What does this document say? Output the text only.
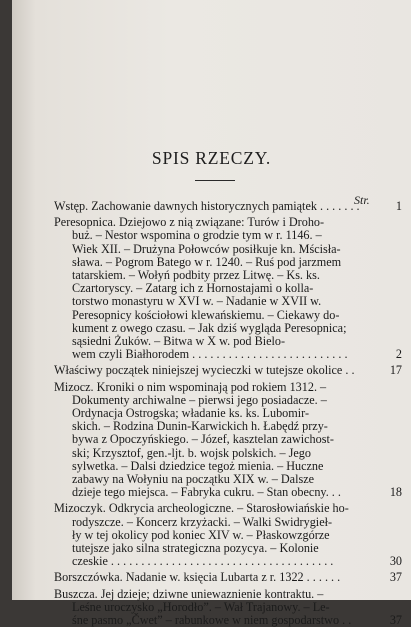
SPIS RZECZY.
Str.
Wstęp. Zachowanie dawnych historycznych pamiątek . . . . . . .	1
Peresopnica. Dziejowo z nią związane: Turów i Droho-
buż. – Nestor wspomina o grodzie tym w r. 1146. –
Wiek XII. – Drużyna Połowców posiłkuje kn. Mścisła-
sława. – Pogrom Batego w r. 1240. – Ruś pod jarzmem
tatarskiem. – Wołyń podbity przez Litwę. – Ks. ks.
Czartoryscy. – Zatarg ich z Hornostajami o kolla-
torstwo monastyru w XVI w. – Nadanie w XVII w.
Peresopnicy kościołowi klewańskiemu. – Ciekawy do-
kument z owego czasu. – Jak dziś wygląda Peresopnica;
sąsiedni Żuków. – Bitwa w X w. pod Bielo-
wem czyli Białhorodem . . . . . . . . . . . . . . . . . . . . . . . . . .	2
Właściwy początek niniejszej wycieczki w tutejsze okolice . .	17
Mizocz. Kroniki o nim wspominają pod rokiem 1312. –
Dokumenty archiwalne – pierwsi jego posiadacze. –
Ordynacja Ostrogska; władanie ks. ks. Lubomir-
skich. – Rodzina Dunin-Karwickich h. Łabędź przy-
bywa z Opoczyńskiego. – Józef, kasztelan zawichost-
ski; Krzysztof, gen.-ljt. b. wojsk polskich. – Jego
sylwetka. – Dalsi dziedzice tegoż mienia. – Huczne
zabawy na Wołyniu na początku XIX w. – Dalsze
dzieje tego miejsca. – Fabryka cukru. – Stan obecny. . .	18
Mizoczyk. Odkrycia archeologiczne. – Starosłowiańskie ho-
rodyszcze. – Koncerz krzyżacki. – Walki Swidrygieł-
ły w tej okolicy pod koniec XIV w. – Płaskowzgórze
tutejsze jako silna strategiczna pozycya. – Kolonie
czeskie . . . . . . . . . . . . . . . . . . . . . . . . . . . . . . . . . . . . .	30
Borszczówka. Nadanie w. księcia Lubarta z r. 1322 . . . . . .	37
Buszcza. Jej dzieje; dziwne uniewaznienie kontraktu. –
Leśne uroczysko „Horodło”. – Wał Trajanowy. – Le-
śne pasmo „Čwet” – rabunkowe w niem gospodarstwo . .	37
